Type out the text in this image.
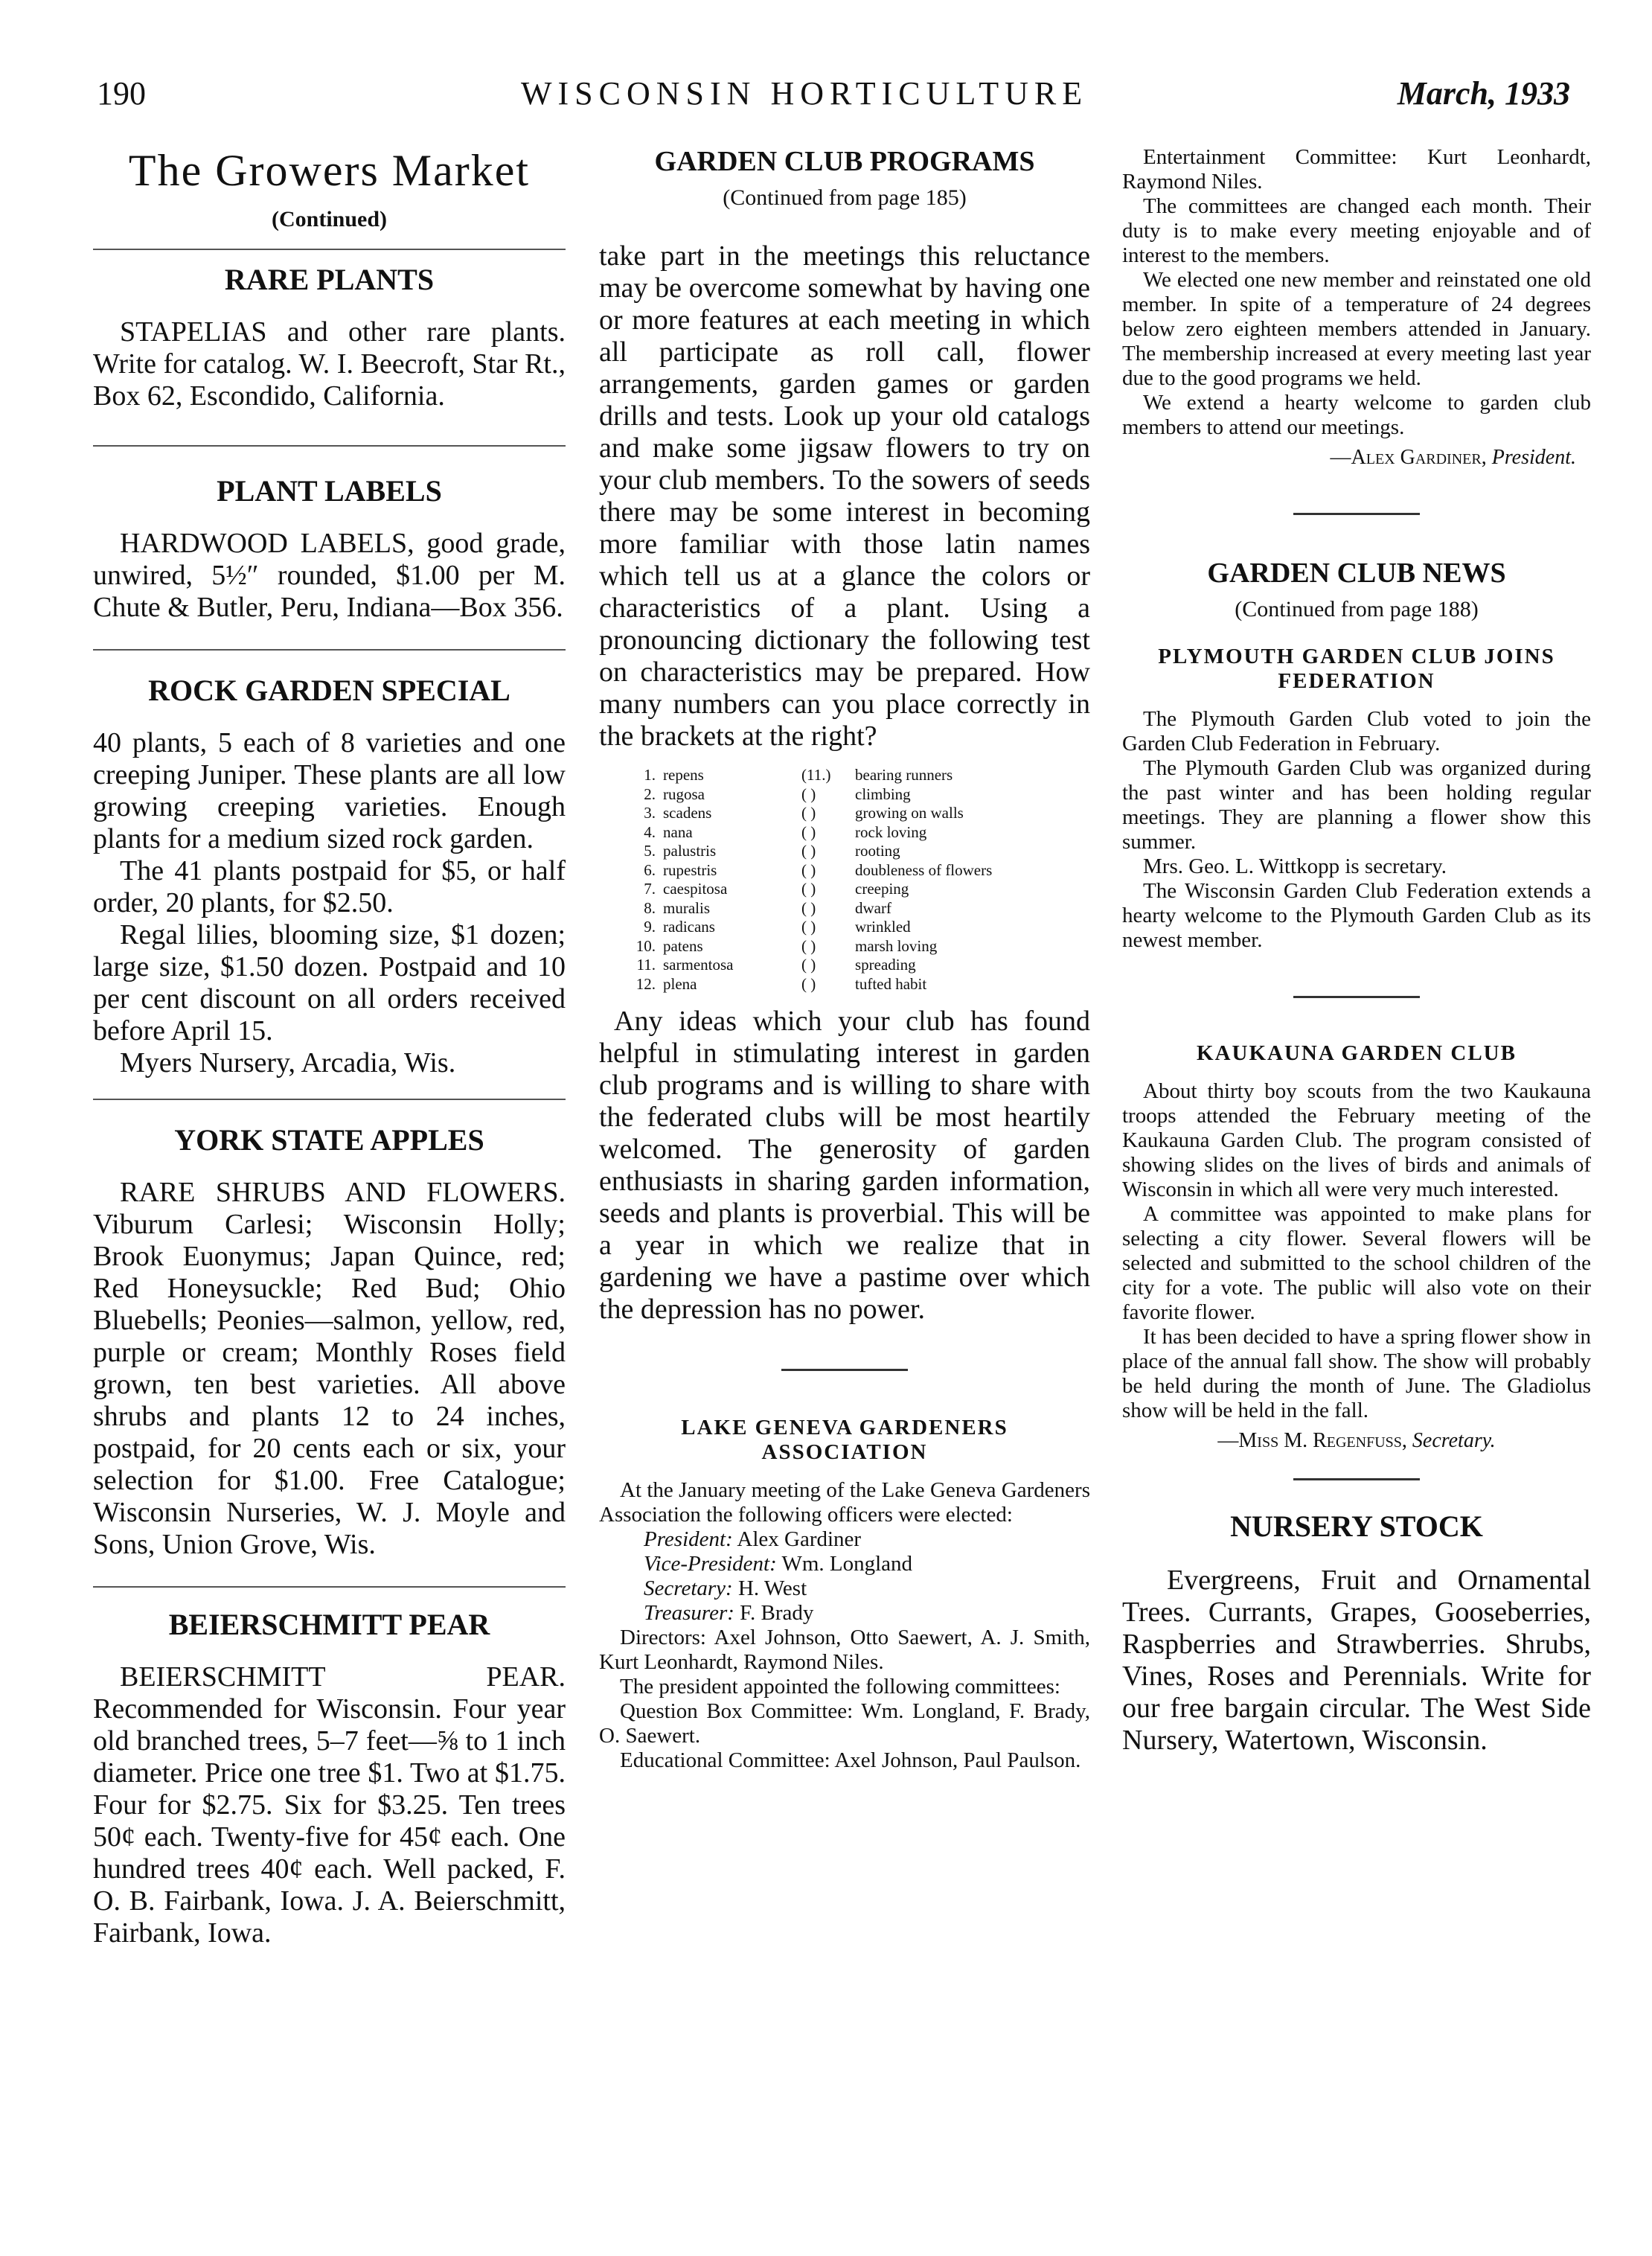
190	WISCONSIN HORTICULTURE	March, 1933
The Growers Market
(Continued)
RARE PLANTS

STAPELIAS and other rare plants. Write for catalog. W. I. Beecroft, Star Rt., Box 62, Escondido, California.

PLANT LABELS

HARDWOOD LABELS, good grade, unwired, 5½″ rounded, $1.00 per M. Chute & Butler, Peru, Indiana—Box 356.

ROCK GARDEN SPECIAL

40 plants, 5 each of 8 varieties and one creeping Juniper. These plants are all low growing creeping varieties. Enough plants for a medium sized rock garden.

The 41 plants postpaid for $5, or half order, 20 plants, for $2.50.

Regal lilies, blooming size, $1 dozen; large size, $1.50 dozen. Postpaid and 10 per cent discount on all orders received before April 15.

Myers Nursery, Arcadia, Wis.

YORK STATE APPLES

RARE SHRUBS AND FLOWERS. Viburum Carlesi; Wisconsin Holly; Brook Euonymus; Japan Quince, red; Red Honeysuckle; Red Bud; Ohio Bluebells; Peonies—salmon, yellow, red, purple or cream; Monthly Roses field grown, ten best varieties. All above shrubs and plants 12 to 24 inches, postpaid, for 20 cents each or six, your selection for $1.00. Free Catalogue; Wisconsin Nurseries, W. J. Moyle and Sons, Union Grove, Wis.

BEIERSCHMITT PEAR

BEIERSCHMITT PEAR. Recommended for Wisconsin. Four year old branched trees, 5–7 feet—⅝ to 1 inch diameter. Price one tree $1. Two at $1.75. Four for $2.75. Six for $3.25. Ten trees 50¢ each. Twenty-five for 45¢ each. One hundred trees 40¢ each. Well packed, F. O. B. Fairbank, Iowa. J. A. Beierschmitt, Fairbank, Iowa.

GARDEN CLUB PROGRAMS
(Continued from page 185)

take part in the meetings this reluctance may be overcome somewhat by having one or more features at each meeting in which all participate as roll call, flower arrangements, garden games or garden drills and tests. Look up your old catalogs and make some jigsaw flowers to try on your club members. To the sowers of seeds there may be some interest in becoming more familiar with those latin names which tell us at a glance the colors or characteristics of a plant. Using a pronouncing dictionary the following test on characteristics may be prepared. How many numbers can you place correctly in the brackets at the right?

1. repens	(11.)	bearing runners
2. rugosa	( )	climbing
3. scadens	( )	growing on walls
4. nana	( )	rock loving
5. palustris	( )	rooting
6. rupestris	( )	doubleness of flowers
7. caespitosa	( )	creeping
8. muralis	( )	dwarf
9. radicans	( )	wrinkled
10. patens	( )	marsh loving
11. sarmentosa	( )	spreading
12. plena	( )	tufted habit

Any ideas which your club has found helpful in stimulating interest in garden club programs and is willing to share with the federated clubs will be most heartily welcomed. The generosity of garden enthusiasts in sharing garden information, seeds and plants is proverbial. This will be a year in which we realize that in gardening we have a pastime over which the depression has no power.

LAKE GENEVA GARDENERS ASSOCIATION

At the January meeting of the Lake Geneva Gardeners Association the following officers were elected:

President: Alex Gardiner
Vice-President: Wm. Longland
Secretary: H. West
Treasurer: F. Brady

Directors: Axel Johnson, Otto Saewert, A. J. Smith, Kurt Leonhardt, Raymond Niles.

The president appointed the following committees:

Question Box Committee: Wm. Longland, F. Brady, O. Saewert.

Educational Committee: Axel Johnson, Paul Paulson.

Entertainment Committee: Kurt Leonhardt, Raymond Niles.

The committees are changed each month. Their duty is to make every meeting enjoyable and of interest to the members.

We elected one new member and reinstated one old member. In spite of a temperature of 24 degrees below zero eighteen members attended in January. The membership increased at every meeting last year due to the good programs we held.

We extend a hearty welcome to garden club members to attend our meetings.

—Alex Gardiner, President.
GARDEN CLUB NEWS
(Continued from page 188)
PLYMOUTH GARDEN CLUB JOINS FEDERATION

The Plymouth Garden Club voted to join the Garden Club Federation in February.

The Plymouth Garden Club was organized during the past winter and has been holding regular meetings. They are planning a flower show this summer.

Mrs. Geo. L. Wittkopp is secretary.

The Wisconsin Garden Club Federation extends a hearty welcome to the Plymouth Garden Club as its newest member.

KAUKAUNA GARDEN CLUB

About thirty boy scouts from the two Kaukauna troops attended the February meeting of the Kaukauna Garden Club. The program consisted of showing slides on the lives of birds and animals of Wisconsin in which all were very much interested.

A committee was appointed to make plans for selecting a city flower. Several flowers will be selected and submitted to the school children of the city for a vote. The public will also vote on their favorite flower.

It has been decided to have a spring flower show in place of the annual fall show. The show will probably be held during the month of June. The Gladiolus show will be held in the fall.

—Miss M. Regenfuss, Secretary.
NURSERY STOCK

Evergreens, Fruit and Ornamental Trees. Currants, Grapes, Gooseberries, Raspberries and Strawberries. Shrubs, Vines, Roses and Perennials. Write for our free bargain circular. The West Side Nursery, Watertown, Wisconsin.
